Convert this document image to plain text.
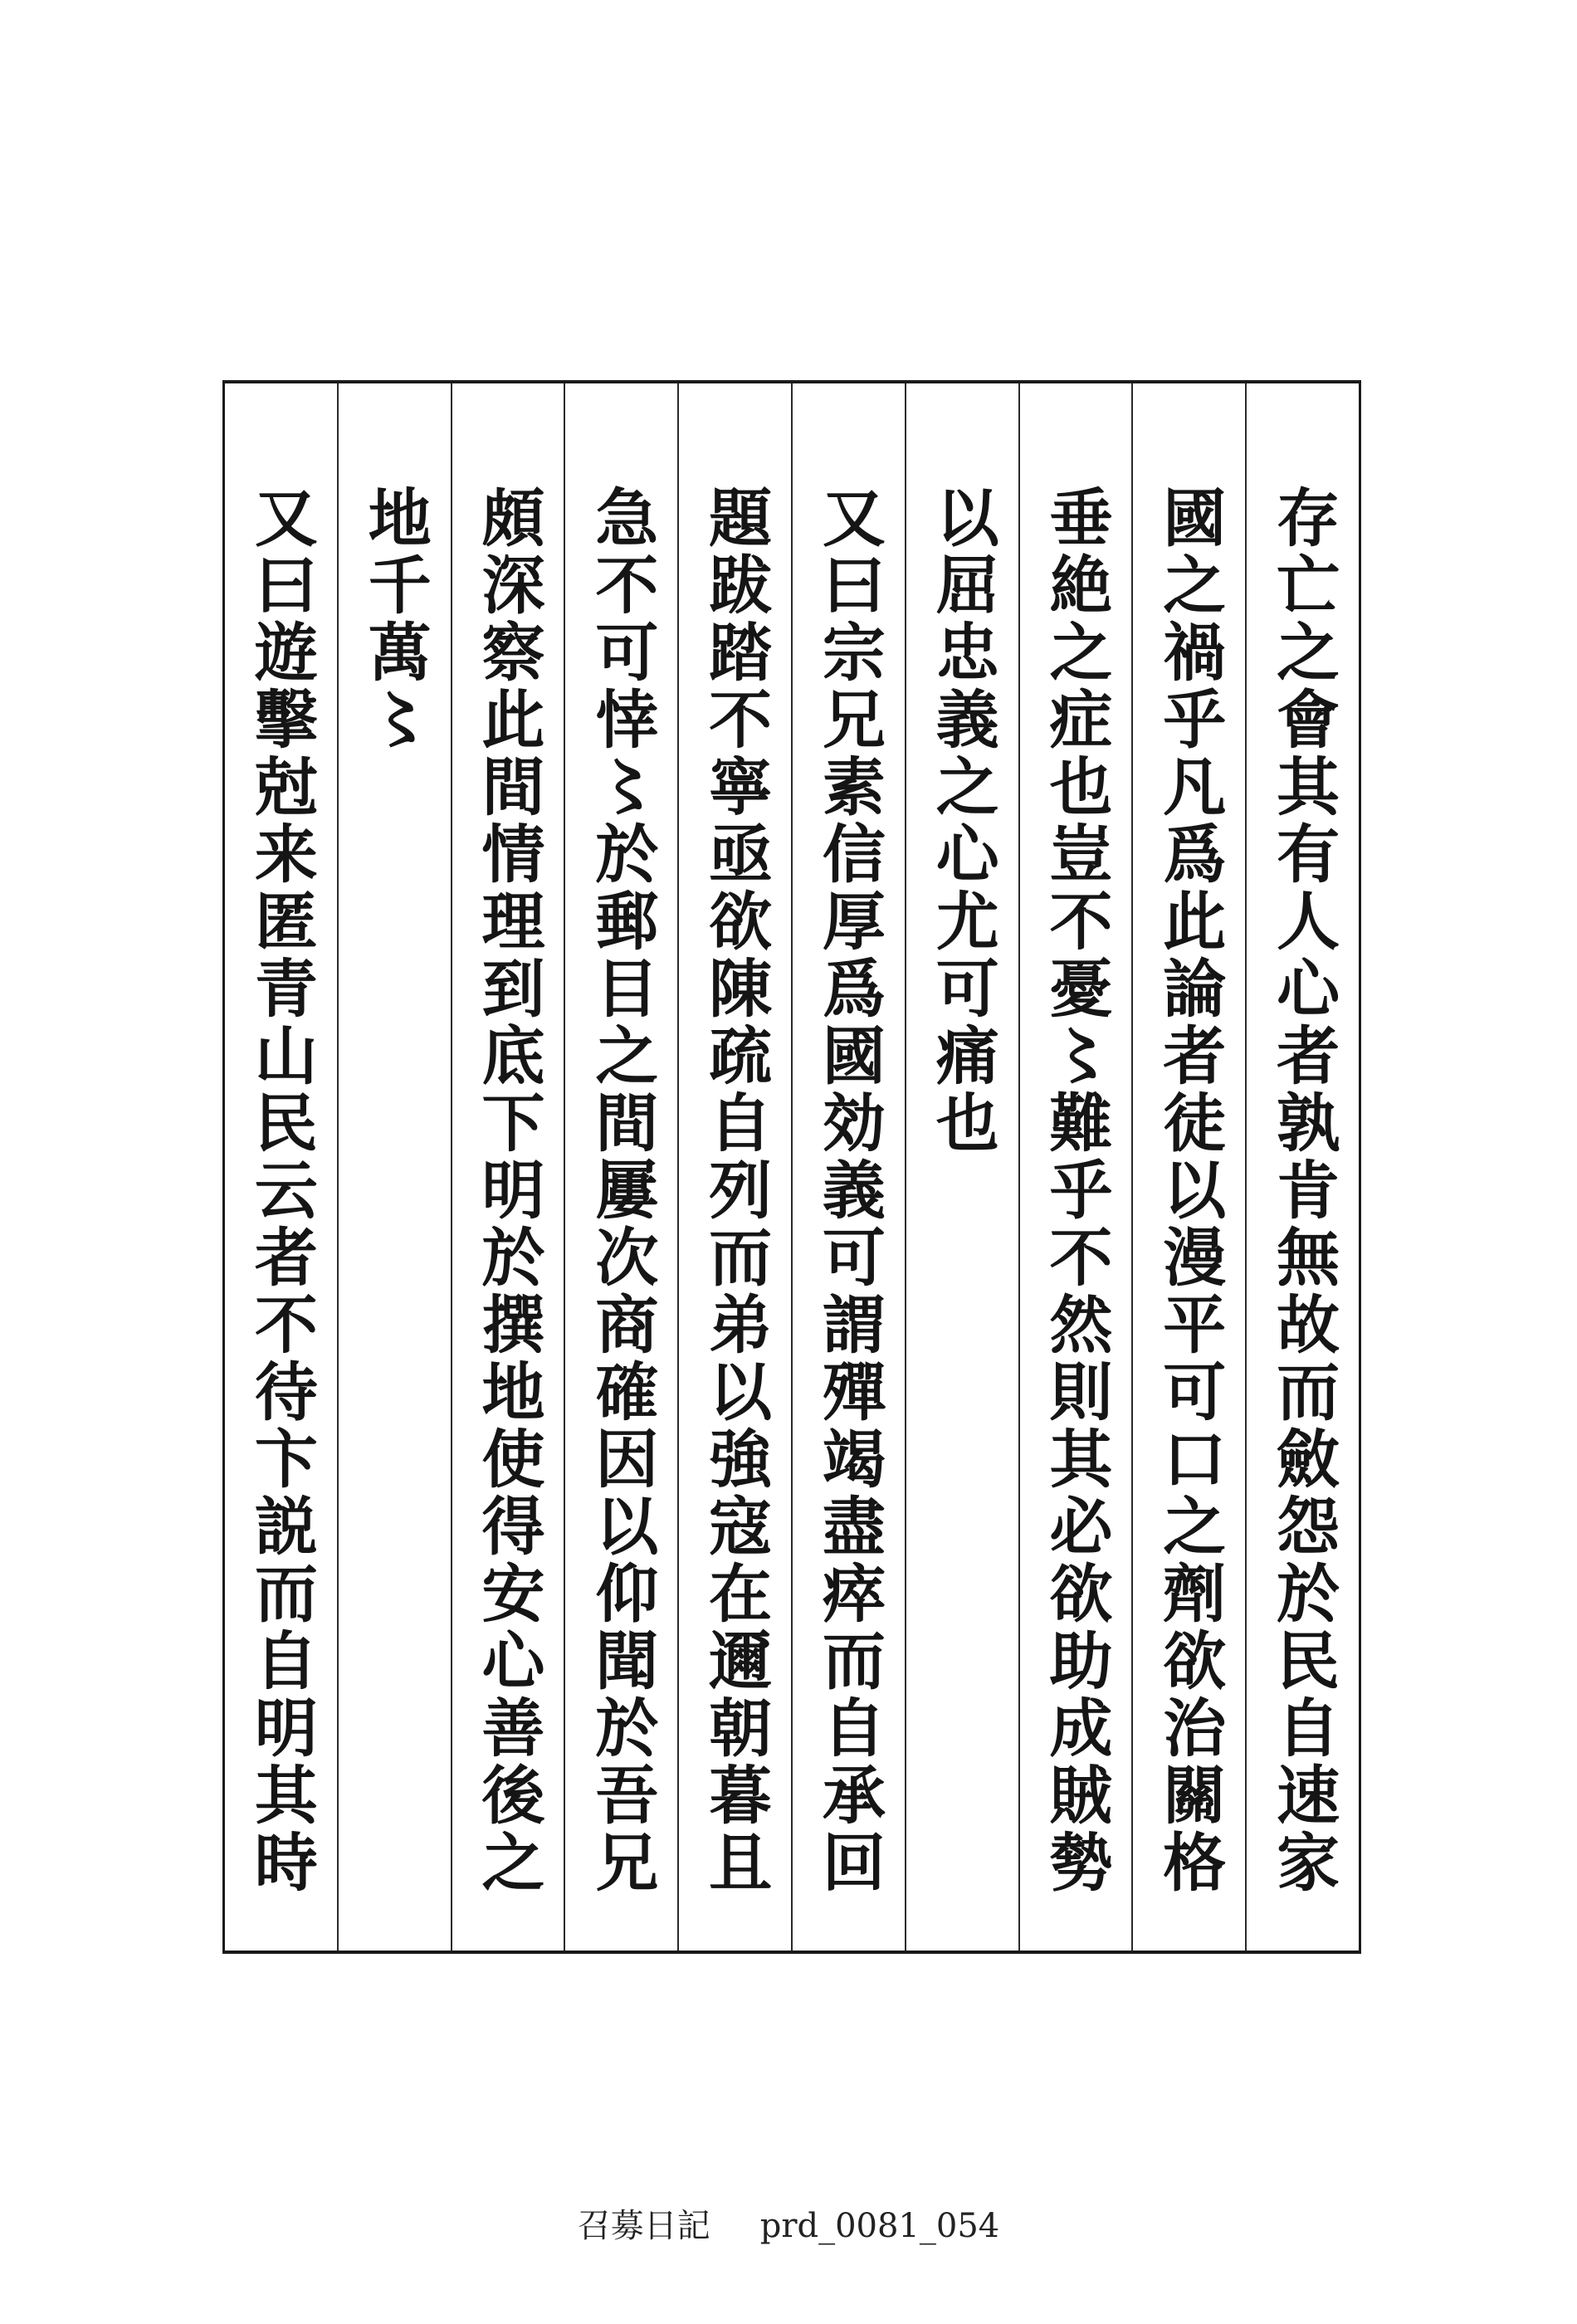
存亡之會其有人心者孰肯無故而斂怨於民自速家
國之禍乎凡爲此論者徒以漫平可口之劑欲治關格
垂絶之症也豈不憂〻難乎不然則其必欲助成賊勢
以屈忠義之心尤可痛也
又曰宗兄素信厚爲國効義可謂殫竭盡瘁而自承回
題跋踏不寧亟欲陳疏自列而弟以強寇在邇朝暮且
急不可悻〻於郵目之間屢次商確因以仰聞於吾兄
頗深察此間情理到底下明於撰地使得安心善後之
地千萬〻
又曰遊擊尅来匿青山民云者不待卞説而自明其時
召募日記 prd_0081_054
